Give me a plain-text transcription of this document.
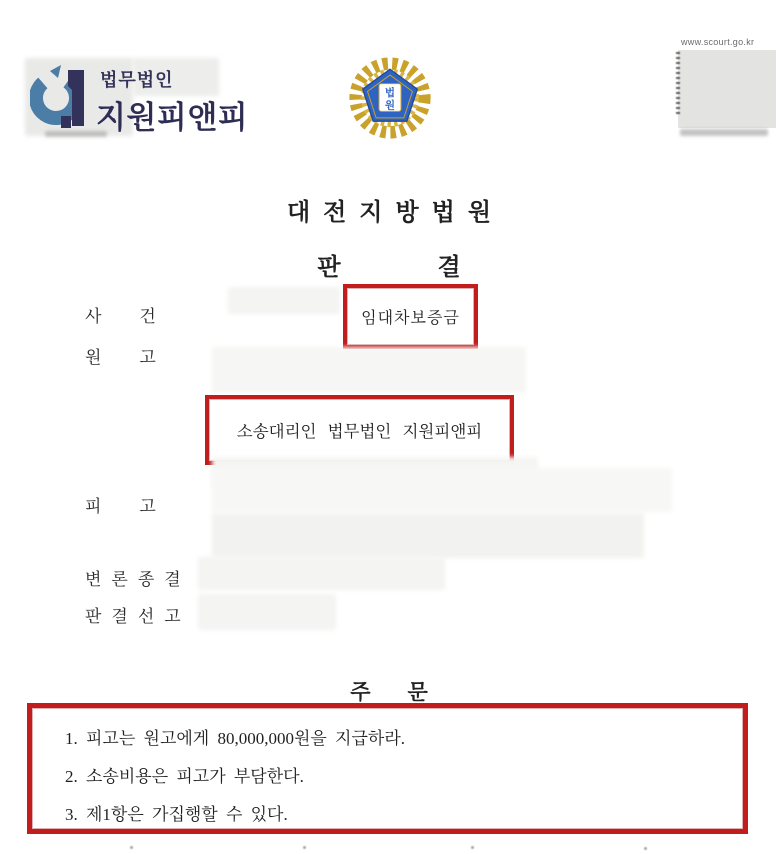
법무법인
지원피앤피
법
원
www.scourt.go.kr
대전지방법원
판	결
사건	임대차보증금
원고
소송대리인 법무법인 지원피앤피
피고
변론종결
판결선고
주 문
1. 피고는 원고에게 80,000,000원을 지급하라.
2. 소송비용은 피고가 부담한다.
3. 제1항은 가집행할 수 있다.
